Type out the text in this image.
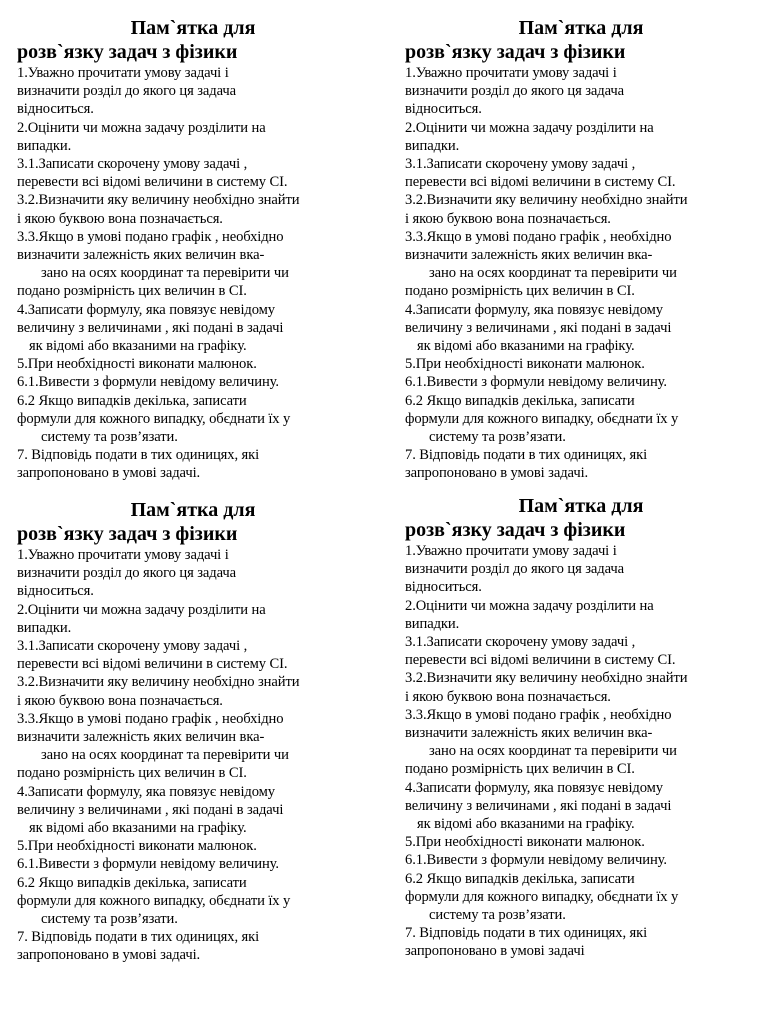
Пам`ятка для
розв`язку задач з фізики
1.Уважно прочитати умову задачі і
визначити розділ до якого ця задача
відноситься.
2.Оцінити чи можна задачу розділити на
випадки.
3.1.Записати скорочену умову задачі ,
перевести всі відомі величини в систему СІ.
3.2.Визначити яку величину необхідно знайти
і якою буквою вона позначається.
3.3.Якщо в умові подано графік , необхідно
визначити залежність яких величин вка-
зано на осях координат та перевірити чи
подано розмірність цих величин в СІ.
4.Записати формулу, яка повязує невідому
величину з величинами , які подані в задачі
як відомі або вказаними на графіку.
5.При необхідності виконати малюнок.
6.1.Вивести з формули невідому величину.
6.2 Якщо випадків декілька, записати
формули для кожного випадку, обєднати їх у
систему та розв’язати.
7. Відповідь подати в тих одиницях, які
запропоновано в умові задачі.
Пам`ятка для
розв`язку задач з фізики
1.Уважно прочитати умову задачі і
визначити розділ до якого ця задача
відноситься.
2.Оцінити чи можна задачу розділити на
випадки.
3.1.Записати скорочену умову задачі ,
перевести всі відомі величини в систему СІ.
3.2.Визначити яку величину необхідно знайти
і якою буквою вона позначається.
3.3.Якщо в умові подано графік , необхідно
визначити залежність яких величин вка-
зано на осях координат та перевірити чи
подано розмірність цих величин в СІ.
4.Записати формулу, яка повязує невідому
величину з величинами , які подані в задачі
як відомі або вказаними на графіку.
5.При необхідності виконати малюнок.
6.1.Вивести з формули невідому величину.
6.2 Якщо випадків декілька, записати
формули для кожного випадку, обєднати їх у
систему та розв’язати.
7. Відповідь подати в тих одиницях, які
запропоновано в умові задачі.
Пам`ятка для
розв`язку задач з фізики
1.Уважно прочитати умову задачі і
визначити розділ до якого ця задача
відноситься.
2.Оцінити чи можна задачу розділити на
випадки.
3.1.Записати скорочену умову задачі ,
перевести всі відомі величини в систему СІ.
3.2.Визначити яку величину необхідно знайти
і якою буквою вона позначається.
3.3.Якщо в умові подано графік , необхідно
визначити залежність яких величин вка-
зано на осях координат та перевірити чи
подано розмірність цих величин в СІ.
4.Записати формулу, яка повязує невідому
величину з величинами , які подані в задачі
як відомі або вказаними на графіку.
5.При необхідності виконати малюнок.
6.1.Вивести з формули невідому величину.
6.2 Якщо випадків декілька, записати
формули для кожного випадку, обєднати їх у
систему та розв’язати.
7. Відповідь подати в тих одиницях, які
запропоновано в умові задачі.
Пам`ятка для
розв`язку задач з фізики
1.Уважно прочитати умову задачі і
визначити розділ до якого ця задача
відноситься.
2.Оцінити чи можна задачу розділити на
випадки.
3.1.Записати скорочену умову задачі ,
перевести всі відомі величини в систему СІ.
3.2.Визначити яку величину необхідно знайти
і якою буквою вона позначається.
3.3.Якщо в умові подано графік , необхідно
визначити залежність яких величин вка-
зано на осях координат та перевірити чи
подано розмірність цих величин в СІ.
4.Записати формулу, яка повязує невідому
величину з величинами , які подані в задачі
як відомі або вказаними на графіку.
5.При необхідності виконати малюнок.
6.1.Вивести з формули невідому величину.
6.2 Якщо випадків декілька, записати
формули для кожного випадку, обєднати їх у
систему та розв’язати.
7. Відповідь подати в тих одиницях, які
запропоновано в умові задачі
